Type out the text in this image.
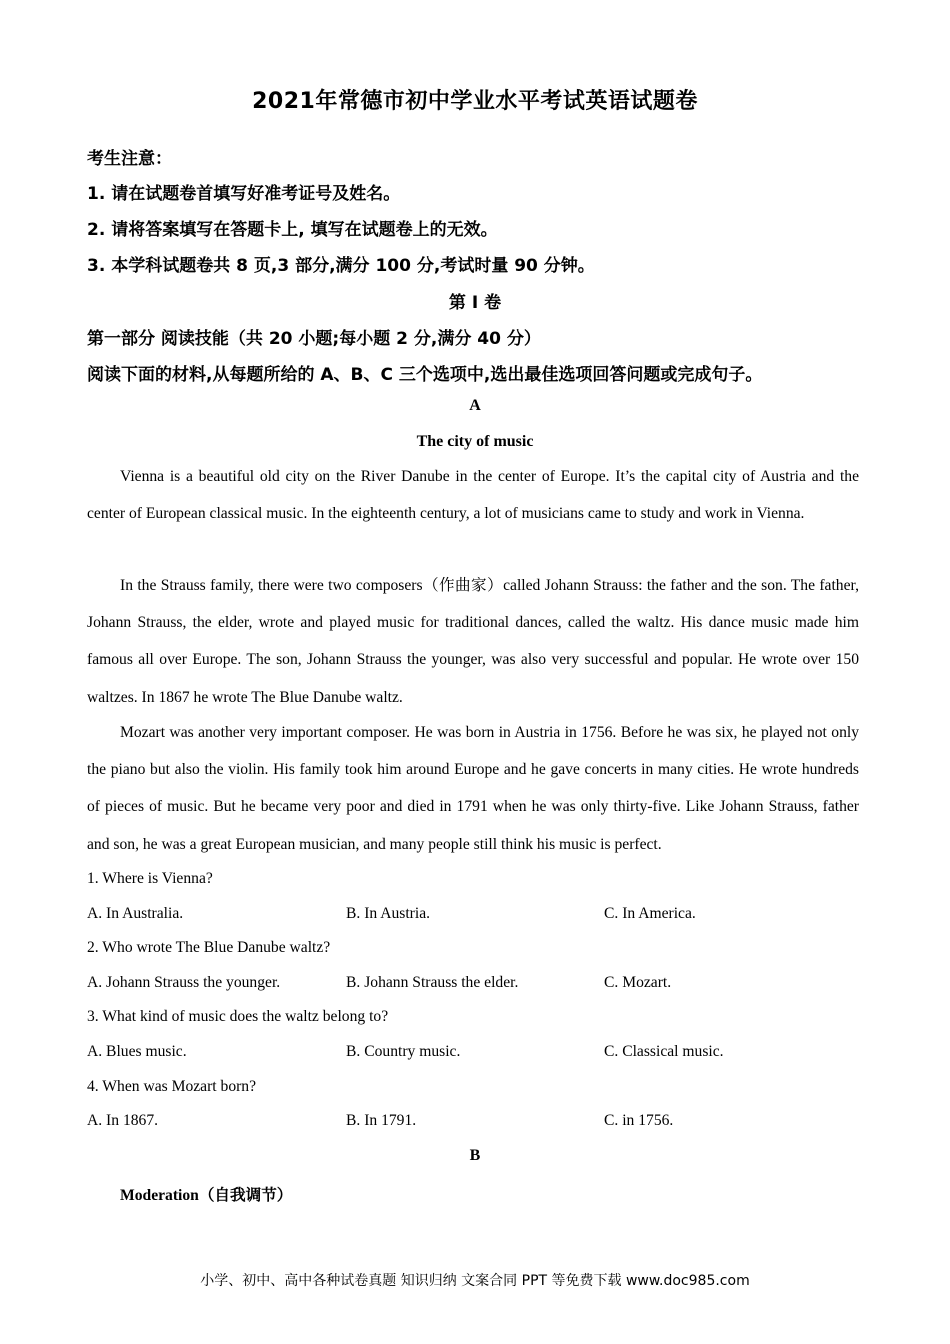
2021年常德市初中学业水平考试英语试题卷
考生注意：
1. 请在试题卷首填写好准考证号及姓名。
2. 请将答案填写在答题卡上, 填写在试题卷上的无效。
3. 本学科试题卷共 8 页,3 部分,满分 100 分,考试时量 90 分钟。
第 I 卷
第一部分 阅读技能（共 20 小题;每小题 2 分,满分 40 分）
阅读下面的材料,从每题所给的 A、B、C 三个选项中,选出最佳选项回答问题或完成句子。
A
The city of music
Vienna is a beautiful old city on the River Danube in the center of Europe. It’s the capital city of Austria and the center of European classical music. In the eighteenth century, a lot of musicians came to study and work in Vienna.
In the Strauss family, there were two composers（作曲家）called Johann Strauss: the father and the son. The father, Johann Strauss, the elder, wrote and played music for traditional dances, called the waltz. His dance music made him famous all over Europe. The son, Johann Strauss the younger, was also very successful and popular. He wrote over 150 waltzes. In 1867 he wrote The Blue Danube waltz.
Mozart was another very important composer. He was born in Austria in 1756. Before he was six, he played not only the piano but also the violin. His family took him around Europe and he gave concerts in many cities. He wrote hundreds of pieces of music. But he became very poor and died in 1791 when he was only thirty-five. Like Johann Strauss, father and son, he was a great European musician, and many people still think his music is perfect.
1. Where is Vienna?
A. In Australia.	B. In Austria.	C. In America.
2. Who wrote The Blue Danube waltz?
A. Johann Strauss the younger.	B. Johann Strauss the elder.	C. Mozart.
3. What kind of music does the waltz belong to?
A. Blues music.	B. Country music.	C. Classical music.
4. When was Mozart born?
A. In 1867.	B. In 1791.	C. in 1756.
B
Moderation（自我调节）
小学、初中、高中各种试卷真题 知识归纳 文案合同 PPT 等免费下载 www.doc985.com
